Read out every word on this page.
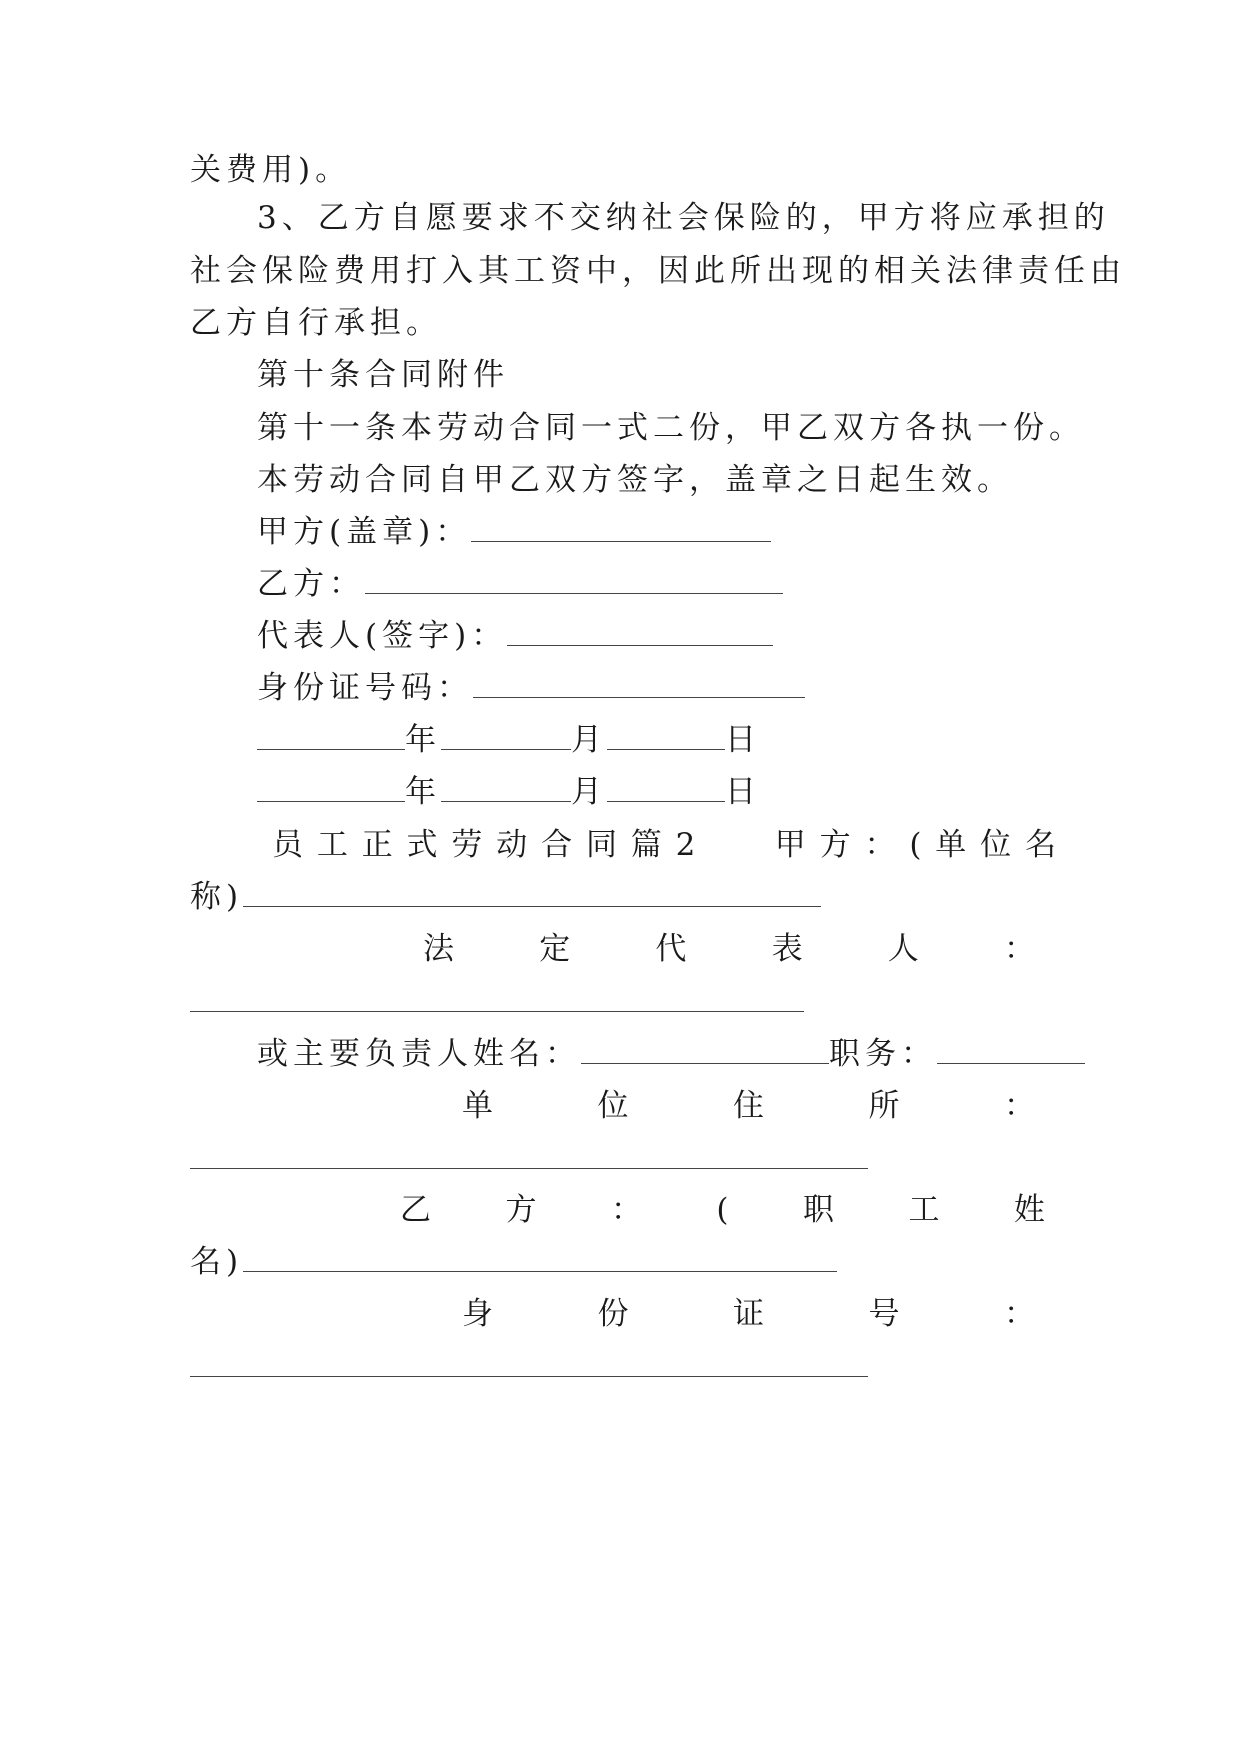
关费用)。
3、乙方自愿要求不交纳社会保险的，甲方将应承担的
社会保险费用打入其工资中，因此所出现的相关法律责任由
乙方自行承担。
第十条合同附件
第十一条本劳动合同一式二份，甲乙双方各执一份。
本劳动合同自甲乙双方签字，盖章之日起生效。
甲方(盖章)：
乙方：
代表人(签字)：
身份证号码：
年	月	日
年	月	日
员 工 正 式 劳 动 合 同 篇 2 甲 方 ： ( 单 位 名
称)
法	定	代	表	人	：
或主要负责人姓名：	职务：
单	位	住	所	：
乙 方 ： ( 职 工 姓
名)
身	份	证	号	：
